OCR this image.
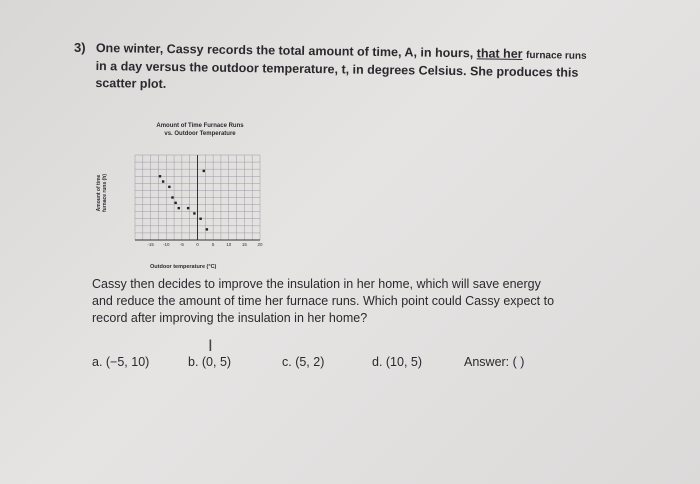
3) One winter, Cassy records the total amount of time, A, in hours, that her furnace runs
in a day versus the outdoor temperature, t, in degrees Celsius. She produces this
scatter plot.
Amount of Time Furnace Runs
vs. Outdoor Temperature
Amount of time furnace runs (h)
-15 -10 -5	0	5	10 15 20
Outdoor temperature (°C)
Cassy then decides to improve the insulation in her home, which will save energy
and reduce the amount of time her furnace runs. Which point could Cassy expect to
record after improving the insulation in her home?
Ⅰ
a. (−5, 10)	b. (0, 5)	c. (5, 2)	d. (10, 5)	Answer: ( )
